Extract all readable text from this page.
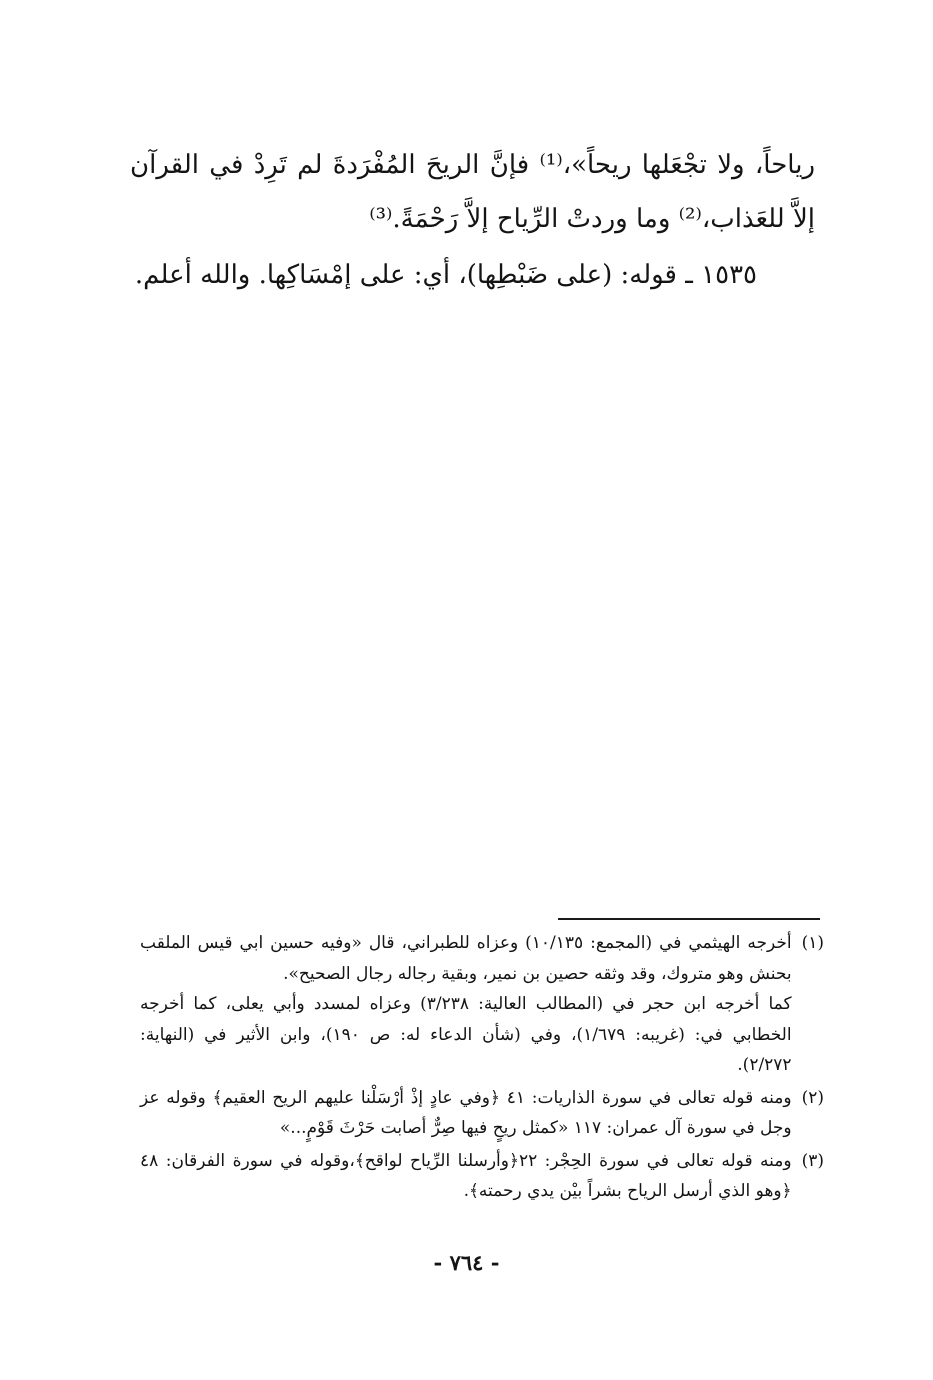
رياحاً، ولا تجْعَلها ريحاً»،⁽¹⁾ فإنَّ الريحَ المُفْرَدةَ لم تَرِدْ في القرآن إلاَّ للعَذاب،⁽²⁾ وما وردتْ الرِّياح إلاَّ رَحْمَةً.⁽³⁾

١٥٣٥ ـ قوله: (على ضَبْطِها)، أي: على إمْسَاكِها. والله أعلم.

(١)
أخرجه الهيثمي في (المجمع: ١٠/١٣٥) وعزاه للطبراني، قال «وفيه حسين ابي قيس الملقب بحنش وهو متروك، وقد وثقه حصين بن نمير، وبقية رجاله رجال الصحيح».
كما أخرجه ابن حجر في (المطالب العالية: ٣/٢٣٨) وعزاه لمسدد وأبي يعلى، كما أخرجه الخطابي في: (غريبه: ١/٦٧٩)، وفي (شأن الدعاء له: ص ١٩٠)، وابن الأثير في (النهاية: ٢/٢٧٢).
(٢)
ومنه قوله تعالى في سورة الذاريات: ٤١ ﴿وفي عادٍ إذْ أرْسَلْنا عليهم الريح العقيم﴾ وقوله عز وجل في سورة آل عمران: ١١٧ «كمثل ريحٍ فيها صِرٌّ أصابت حَرْثَ قَوْمٍ...»
(٣)
ومنه قوله تعالى في سورة الحِجْر: ٢٢﴿وأرسلنا الرِّياح لواقح﴾،وقوله في سورة الفرقان: ٤٨ ﴿وهو الذي أرسل الرياح بشراً بيْن يدي رحمته﴾.
- ٧٦٤ -
